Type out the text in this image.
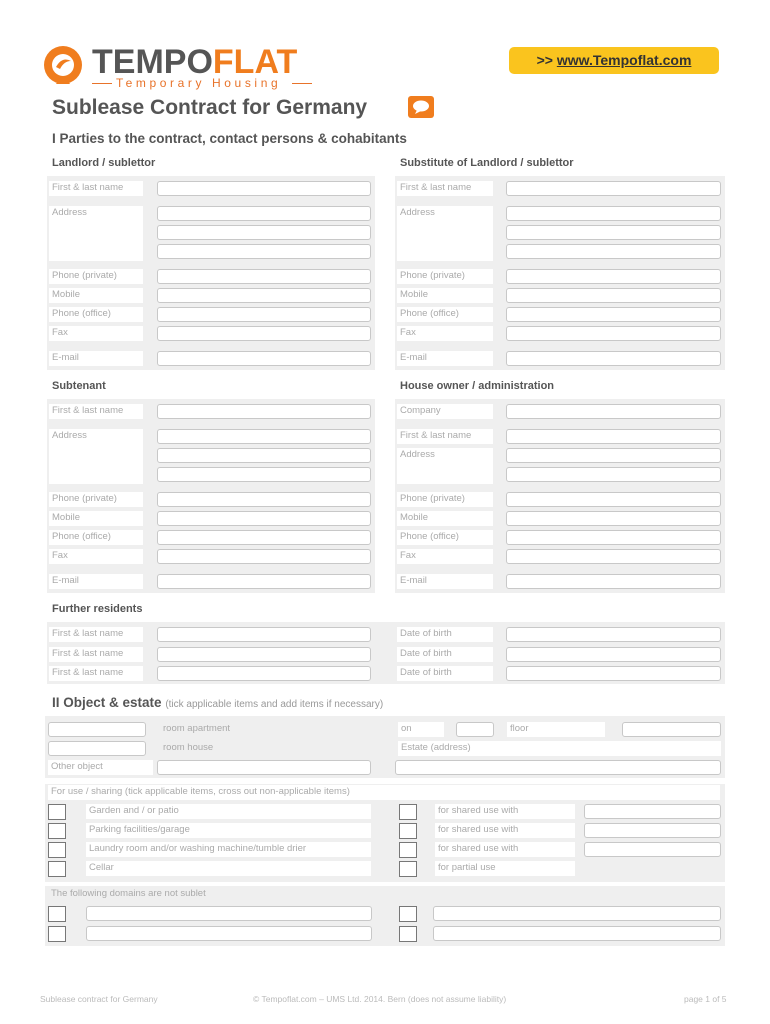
TEMPOFLAT
Temporary Housing
>> www.Tempoflat.com
Sublease Contract for Germany
I Parties to the contract, contact persons & cohabitants
Landlord / sublettor
First & last name
Address
Phone (private)
Mobile
Phone (office)
Fax
E-mail
Substitute of Landlord / sublettor
First & last name
Address
Phone (private)
Mobile
Phone (office)
Fax
E-mail
Subtenant
First & last name
Address
Phone (private)
Mobile
Phone (office)
Fax
E-mail
House owner / administration
Company
First & last name
Address
Phone (private)
Mobile
Phone (office)
Fax
E-mail
Further residents
First & last name	Date of birth
First & last name	Date of birth
First & last name	Date of birth
II Object & estate (tick applicable items and add items if necessary)
room apartment
room house
on	floor
Estate (address)
Other object
For use / sharing (tick applicable items, cross out non-applicable items)
Garden and / or patio	for shared use with
Parking facilities/garage	for shared use with
Laundry room and/or washing machine/tumble drier	for shared use with
Cellar	for partial use
The following domains are not sublet
Sublease contract for Germany	© Tempoflat.com – UMS Ltd. 2014. Bern (does not assume liability)	page 1 of 5
